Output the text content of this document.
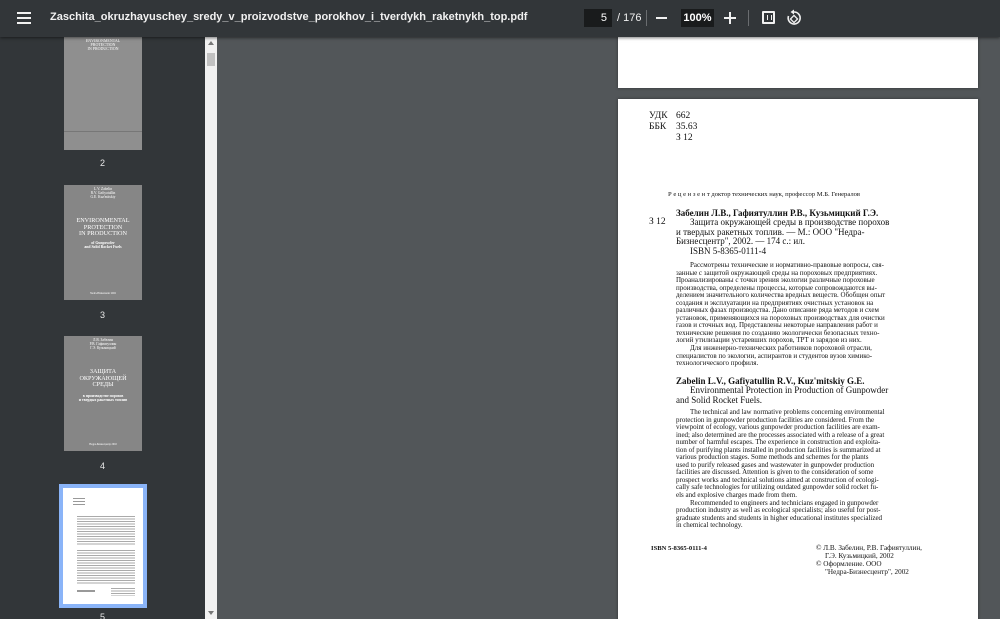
Zaschita_okruzhayuschey_sredy_v_proizvodstve_porokhov_i_tverdykh_raketnykh_top.pdf	5 / 176	100%
ENVIRONMENTAL
PROTECTION
IN PRODUCTION
2
L.V. Zabelin
R.V. Gafiyatullin
G.E. Kuz'mitskiy
ENVIRONMENTAL
PROTECTION
IN PRODUCTION
of Gunpowder
and Solid Rocket Fuels
Nedra-Biznestsentr 2002
3
Л.В. Забелин
Р.В. Гафиятуллин
Г.Э. Кузьмицкий
ЗАЩИТА
ОКРУЖАЮЩЕЙ
СРЕДЫ
в производстве порохов
и твердых ракетных топлив
Недра-Бизнесцентр 2002
4
5
УДК 662
ББК 35.63
З 12
Р е ц е н з е н т доктор технических наук, профессор М.Б. Генералов
З 12
Забелин Л.В., Гафиятуллин Р.В., Кузьмицкий Г.Э.
Защита окружающей среды в производстве порохов
и твердых ракетных топлив. — М.: ООО "Недра-
Бизнесцентр", 2002. — 174 с.: ил.
ISBN 5-8365-0111-4
Рассмотрены технические и нормативно-правовые вопросы, свя-
занные с защитой окружающей среды на пороховых предприятиях.
Проанализированы с точки зрения экологии различные пороховые
производства, определены процессы, которые сопровождаются вы-
делением значительного количества вредных веществ. Обобщен опыт
создания и эксплуатации на предприятиях очистных установок на
различных фазах производства. Дано описание ряда методов и схем
установок, применяющихся на пороховых производствах для очистки
газов и сточных вод. Представлены некоторые направления работ и
технические решения по созданию экологически безопасных техно-
логий утилизации устаревших порохов, ТРТ и зарядов из них.
Для инженерно-технических работников пороховой отрасли,
специалистов по экологии, аспирантов и студентов вузов химико-
технологического профиля.
Zabelin L.V., Gafiyatullin R.V., Kuz'mitskiy G.E.
Environmental Protection in Production of Gunpowder
and Solid Rocket Fuels.
The technical and law normative problems concerning environmental
protection in gunpowder production facilities are considered. From the
viewpoint of ecology, various gunpowder production facilities are exam-
ined; also determined are the processes associated with a release of a great
number of harmful escapes. The experience in construction and exploita-
tion of purifying plants installed in production facilities is summarized at
various production stages. Some methods and schemes for the plants
used to purify released gases and wastewater in gunpowder production
facilities are discussed. Attention is given to the consideration of some
prospect works and technical solutions aimed at construction of ecologi-
cally safe technologies for utilizing outdated gunpowder solid rocket fu-
els and explosive charges made from them.
Recommended to engineers and technicians engaged in gunpowder
production industry as well as ecological specialists; also useful for post-
graduate students and students in higher educational institutes specialized
in chemical technology.
ISBN 5-8365-0111-4	© Л.В. Забелин, Р.В. Гафиятуллин,
Г.Э. Кузьмицкий, 2002
© Оформление. ООО
"Недра-Бизнесцентр", 2002
